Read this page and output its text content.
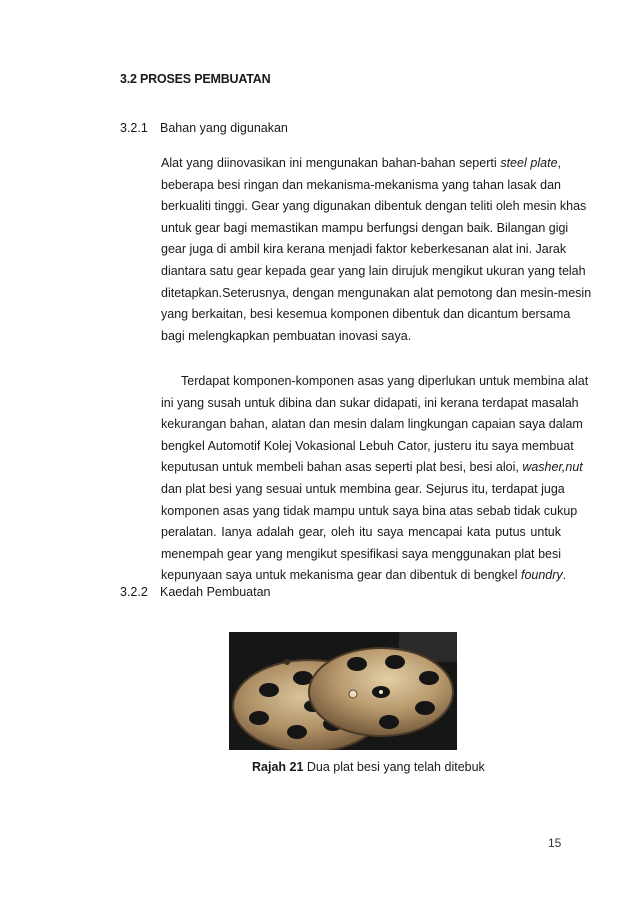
3.2 PROSES PEMBUATAN
3.2.1 Bahan yang digunakan
Alat yang diinovasikan ini mengunakan bahan-bahan seperti steel plate,
beberapa besi ringan dan mekanisma-mekanisma yang tahan lasak dan
berkualiti tinggi. Gear yang digunakan dibentuk dengan teliti oleh mesin khas
untuk gear bagi memastikan mampu berfungsi dengan baik. Bilangan gigi
gear juga di ambil kira kerana menjadi faktor keberkesanan alat ini. Jarak
diantara satu gear kepada gear yang lain dirujuk mengikut ukuran yang telah
ditetapkan.Seterusnya, dengan mengunakan alat pemotong dan mesin-mesin
yang berkaitan, besi kesemua komponen dibentuk dan dicantum bersama
bagi melengkapkan pembuatan inovasi saya.
Terdapat komponen-komponen asas yang diperlukan untuk membina alat
ini yang susah untuk dibina dan sukar didapati, ini kerana terdapat masalah
kekurangan bahan, alatan dan mesin dalam lingkungan capaian saya dalam
bengkel Automotif Kolej Vokasional Lebuh Cator, justeru itu saya membuat
keputusan untuk membeli bahan asas seperti plat besi, besi aloi, washer,nut
dan plat besi yang sesuai untuk membina gear. Sejurus itu, terdapat juga
komponen asas yang tidak mampu untuk saya bina atas sebab tidak cukup
peralatan. Ianya adalah gear, oleh itu saya mencapai kata putus untuk
menempah gear yang mengikut spesifikasi saya menggunakan plat besi
kepunyaan saya untuk mekanisma gear dan dibentuk di bengkel foundry.
3.2.2 Kaedah Pembuatan
Rajah 21 Dua plat besi yang telah ditebuk
15
